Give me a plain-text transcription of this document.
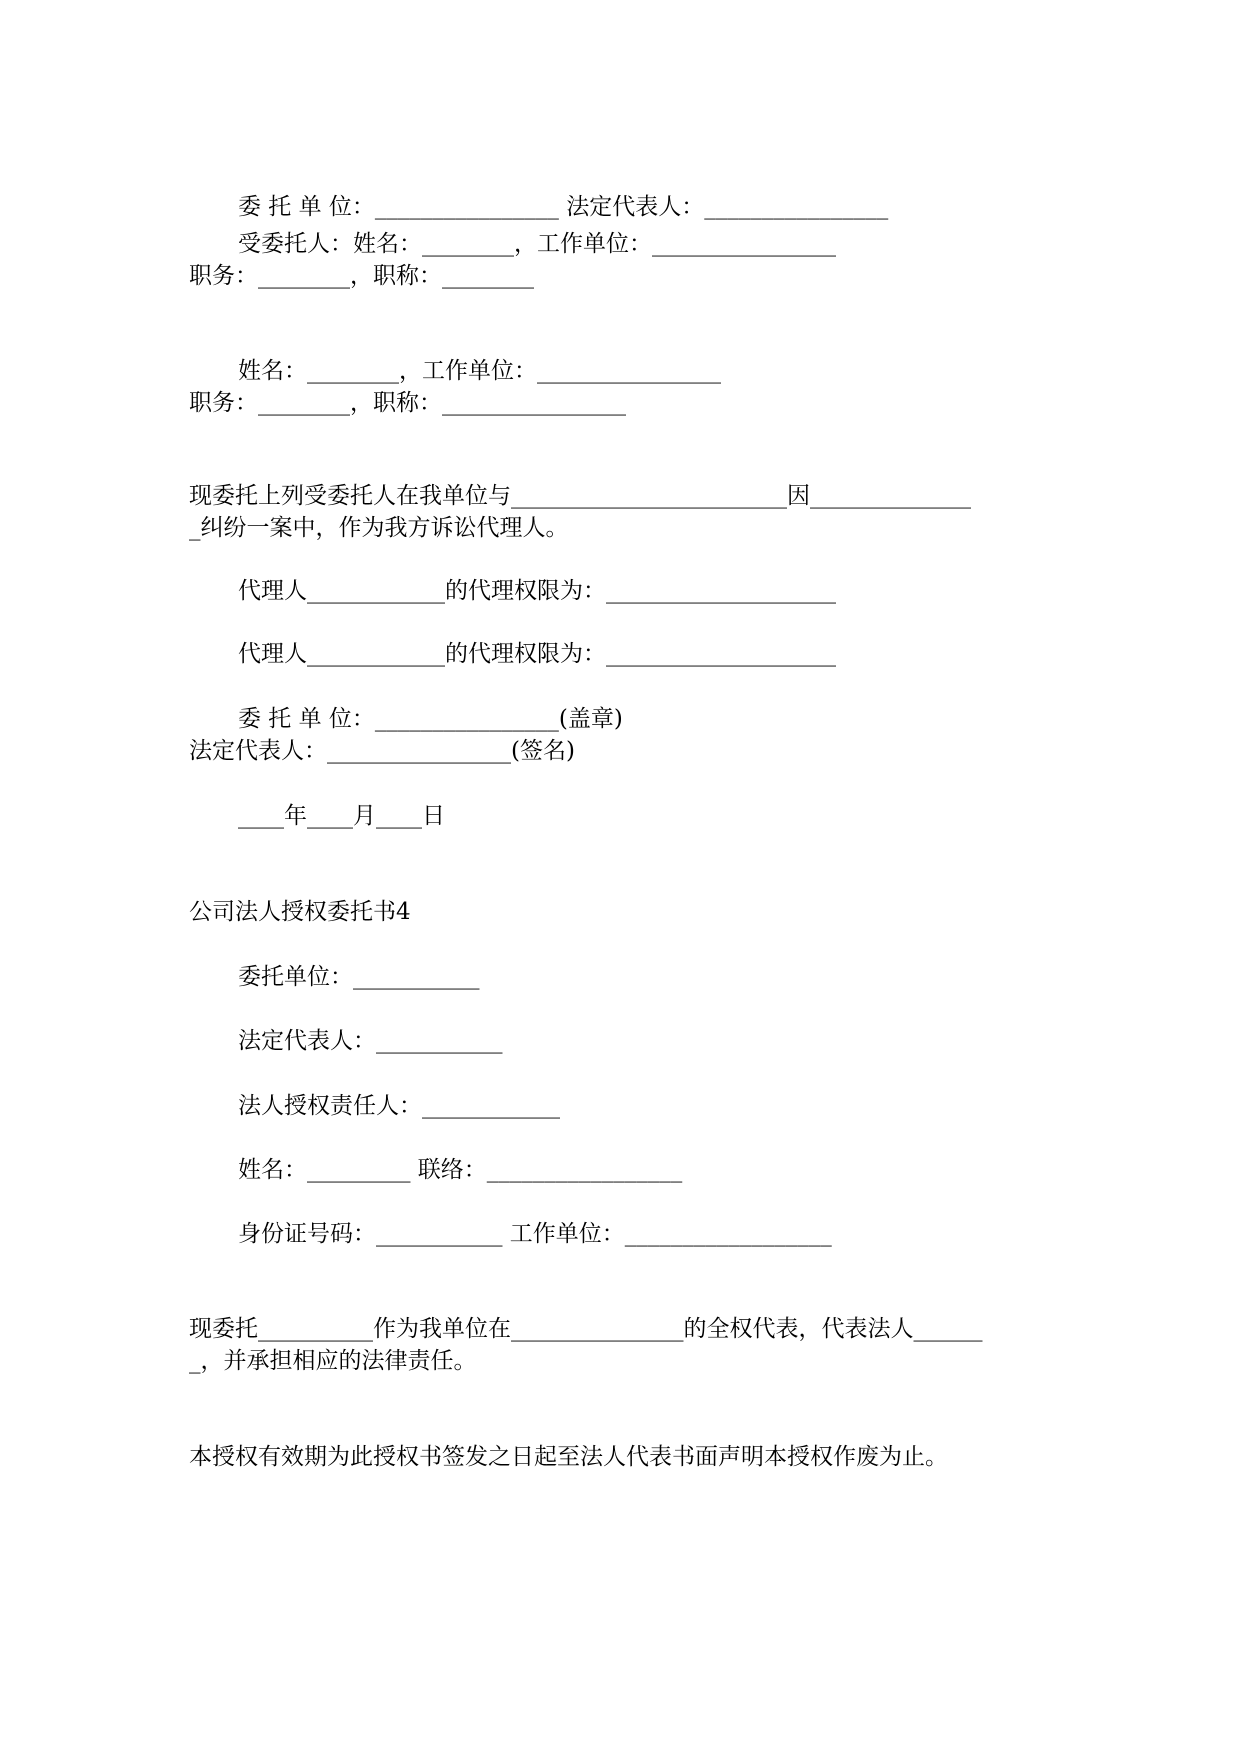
委 托 单 位：________________ 法定代表人：________________
受委托人：姓名：________，工作单位：________________
职务：________，职称：________
姓名：________，工作单位：________________
职务：________，职称：________________
现委托上列受委托人在我单位与________________________因______________
_纠纷一案中，作为我方诉讼代理人。
代理人____________的代理权限为：____________________
代理人____________的代理权限为：____________________
委 托 单 位：________________(盖章)
法定代表人：________________(签名)
____年____月____日
公司法人授权委托书4
委托单位：___________
法定代表人：___________
法人授权责任人：____________
姓名：_________ 联络：_________________
身份证号码：___________ 工作单位：__________________
现委托__________作为我单位在_______________的全权代表，代表法人______
_，并承担相应的法律责任。
本授权有效期为此授权书签发之日起至法人代表书面声明本授权作废为止。
